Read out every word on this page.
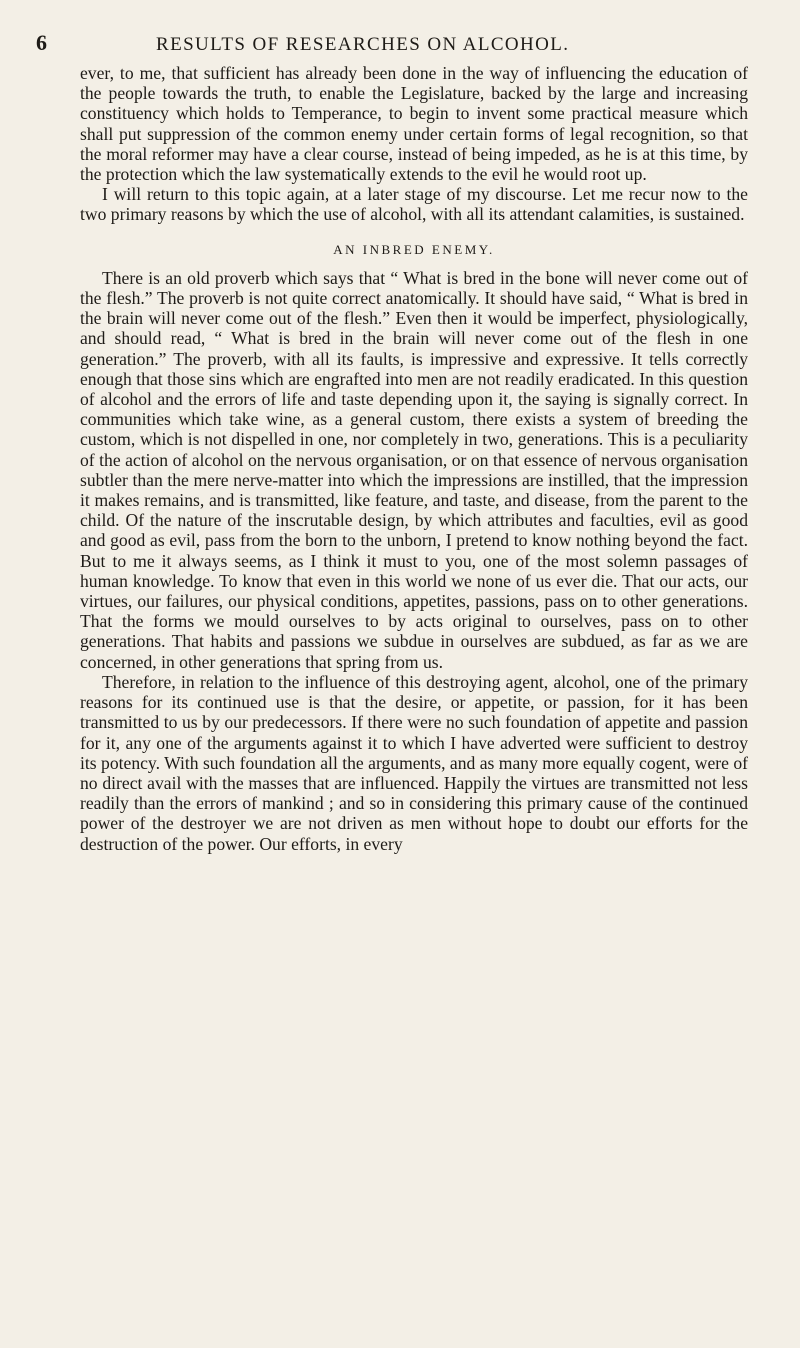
6	RESULTS OF RESEARCHES ON ALCOHOL.

ever, to me, that sufficient has already been done in the way of influencing the education of the people towards the truth, to enable the Legislature, backed by the large and increasing constituency which holds to Temperance, to begin to invent some practical measure which shall put suppression of the common enemy under certain forms of legal recognition, so that the moral reformer may have a clear course, instead of being impeded, as he is at this time, by the protection which the law systematically extends to the evil he would root up.

I will return to this topic again, at a later stage of my discourse. Let me recur now to the two primary reasons by which the use of alcohol, with all its attendant calamities, is sustained.

AN INBRED ENEMY.

There is an old proverb which says that “ What is bred in the bone will never come out of the flesh.” The proverb is not quite correct anatomically. It should have said, “ What is bred in the brain will never come out of the flesh.” Even then it would be imperfect, physiologically, and should read, “ What is bred in the brain will never come out of the flesh in one generation.” The proverb, with all its faults, is impressive and expressive. It tells correctly enough that those sins which are engrafted into men are not readily eradicated. In this question of alcohol and the errors of life and taste depending upon it, the saying is signally correct. In communities which take wine, as a general custom, there exists a system of breeding the custom, which is not dispelled in one, nor completely in two, generations. This is a peculiarity of the action of alcohol on the nervous organisation, or on that essence of nervous organisation subtler than the mere nerve-matter into which the impressions are instilled, that the impression it makes remains, and is transmitted, like feature, and taste, and disease, from the parent to the child. Of the nature of the inscrutable design, by which attributes and faculties, evil as good and good as evil, pass from the born to the unborn, I pretend to know nothing beyond the fact. But to me it always seems, as I think it must to you, one of the most solemn passages of human knowledge. To know that even in this world we none of us ever die. That our acts, our virtues, our failures, our physical conditions, appetites, passions, pass on to other generations. That the forms we mould ourselves to by acts original to ourselves, pass on to other generations. That habits and passions we subdue in ourselves are subdued, as far as we are concerned, in other generations that spring from us.

Therefore, in relation to the influence of this destroying agent, alcohol, one of the primary reasons for its continued use is that the desire, or appetite, or passion, for it has been transmitted to us by our predecessors. If there were no such foundation of appetite and passion for it, any one of the arguments against it to which I have adverted were sufficient to destroy its potency. With such foundation all the arguments, and as many more equally cogent, were of no direct avail with the masses that are influenced. Happily the virtues are transmitted not less readily than the errors of mankind ; and so in considering this primary cause of the continued power of the destroyer we are not driven as men without hope to doubt our efforts for the destruction of the power. Our efforts, in every
